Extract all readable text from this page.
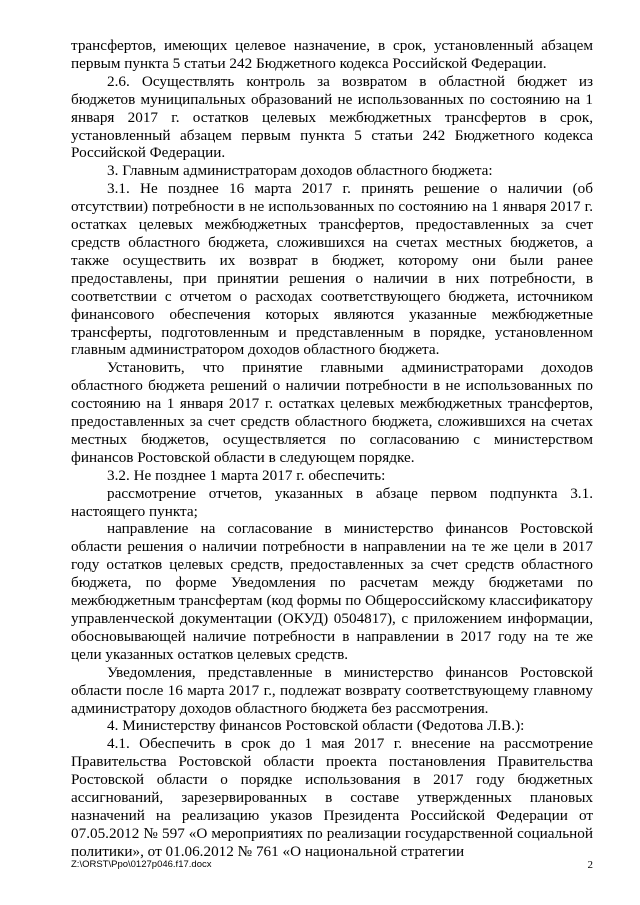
трансфертов, имеющих целевое назначение, в срок, установленный абзацем первым пункта 5 статьи 242 Бюджетного кодекса Российской Федерации.

2.6. Осуществлять контроль за возвратом в областной бюджет из бюджетов муниципальных образований не использованных по состоянию на 1 января 2017 г. остатков целевых межбюджетных трансфертов в срок, установленный абзацем первым пункта 5 статьи 242 Бюджетного кодекса Российской Федерации.

3. Главным администраторам доходов областного бюджета:

3.1. Не позднее 16 марта 2017 г. принять решение о наличии (об отсутствии) потребности в не использованных по состоянию на 1 января 2017 г. остатках целевых межбюджетных трансфертов, предоставленных за счет средств областного бюджета, сложившихся на счетах местных бюджетов, а также осуществить их возврат в бюджет, которому они были ранее предоставлены, при принятии решения о наличии в них потребности, в соответствии с отчетом о расходах соответствующего бюджета, источником финансового обеспечения которых являются указанные межбюджетные трансферты, подготовленным и представленным в порядке, установленном главным администратором доходов областного бюджета.

Установить, что принятие главными администраторами доходов областного бюджета решений о наличии потребности в не использованных по состоянию на 1 января 2017 г. остатках целевых межбюджетных трансфертов, предоставленных за счет средств областного бюджета, сложившихся на счетах местных бюджетов, осуществляется по согласованию с министерством финансов Ростовской области в следующем порядке.

3.2. Не позднее 1 марта 2017 г. обеспечить:

рассмотрение отчетов, указанных в абзаце первом подпункта 3.1. настоящего пункта;

направление на согласование в министерство финансов Ростовской области решения о наличии потребности в направлении на те же цели в 2017 году остатков целевых средств, предоставленных за счет средств областного бюджета, по форме Уведомления по расчетам между бюджетами по межбюджетным трансфертам (код формы по Общероссийскому классификатору управленческой документации (ОКУД) 0504817), с приложением информации, обосновывающей наличие потребности в направлении в 2017 году на те же цели указанных остатков целевых средств.

Уведомления, представленные в министерство финансов Ростовской области после 16 марта 2017 г., подлежат возврату соответствующему главному администратору доходов областного бюджета без рассмотрения.

4. Министерству финансов Ростовской области (Федотова Л.В.):

4.1. Обеспечить в срок до 1 мая 2017 г. внесение на рассмотрение Правительства Ростовской области проекта постановления Правительства Ростовской области о порядке использования в 2017 году бюджетных ассигнований, зарезервированных в составе утвержденных плановых назначений на реализацию указов Президента Российской Федерации от 07.05.2012 № 597 «О мероприятиях по реализации государственной социальной политики», от 01.06.2012 № 761 «О национальной стратегии

Z:\ORST\Ppo\0127p046.f17.docx	2
